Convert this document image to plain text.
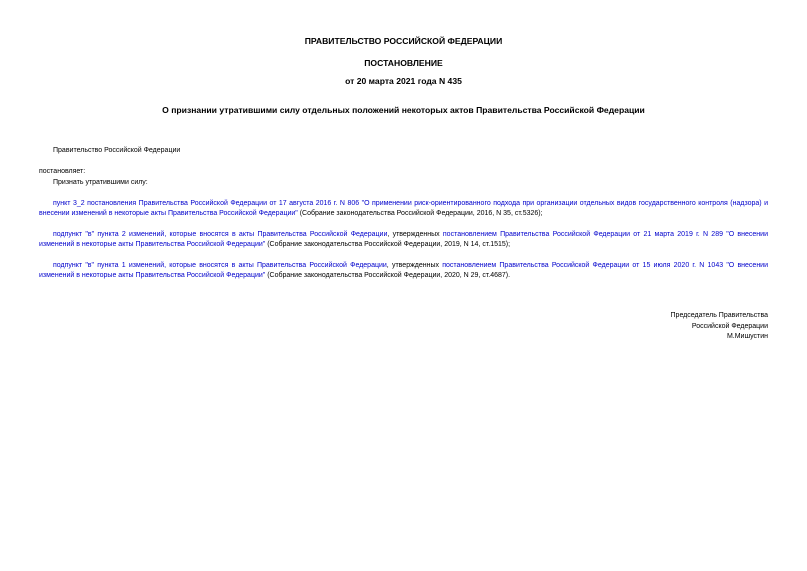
ПРАВИТЕЛЬСТВО РОССИЙСКОЙ ФЕДЕРАЦИИ
ПОСТАНОВЛЕНИЕ
от 20 марта 2021 года N 435
О признании утратившими силу отдельных положений некоторых актов Правительства Российской Федерации
Правительство Российской Федерации
постановляет:
Признать утратившими силу:
пункт 3_2 постановления Правительства Российской Федерации от 17 августа 2016 г. N 806 "О применении риск-ориентированного подхода при организации отдельных видов государственного контроля (надзора) и внесении изменений в некоторые акты Правительства Российской Федерации" (Собрание законодательства Российской Федерации, 2016, N 35, ст.5326);
подпункт "в" пункта 2 изменений, которые вносятся в акты Правительства Российской Федерации, утвержденных постановлением Правительства Российской Федерации от 21 марта 2019 г. N 289 "О внесении изменений в некоторые акты Правительства Российской Федерации" (Собрание законодательства Российской Федерации, 2019, N 14, ст.1515);
подпункт "в" пункта 1 изменений, которые вносятся в акты Правительства Российской Федерации, утвержденных постановлением Правительства Российской Федерации от 15 июля 2020 г. N 1043 "О внесении изменений в некоторые акты Правительства Российской Федерации" (Собрание законодательства Российской Федерации, 2020, N 29, ст.4687).
Председатель Правительства
Российской Федерации
М.Мишустин
